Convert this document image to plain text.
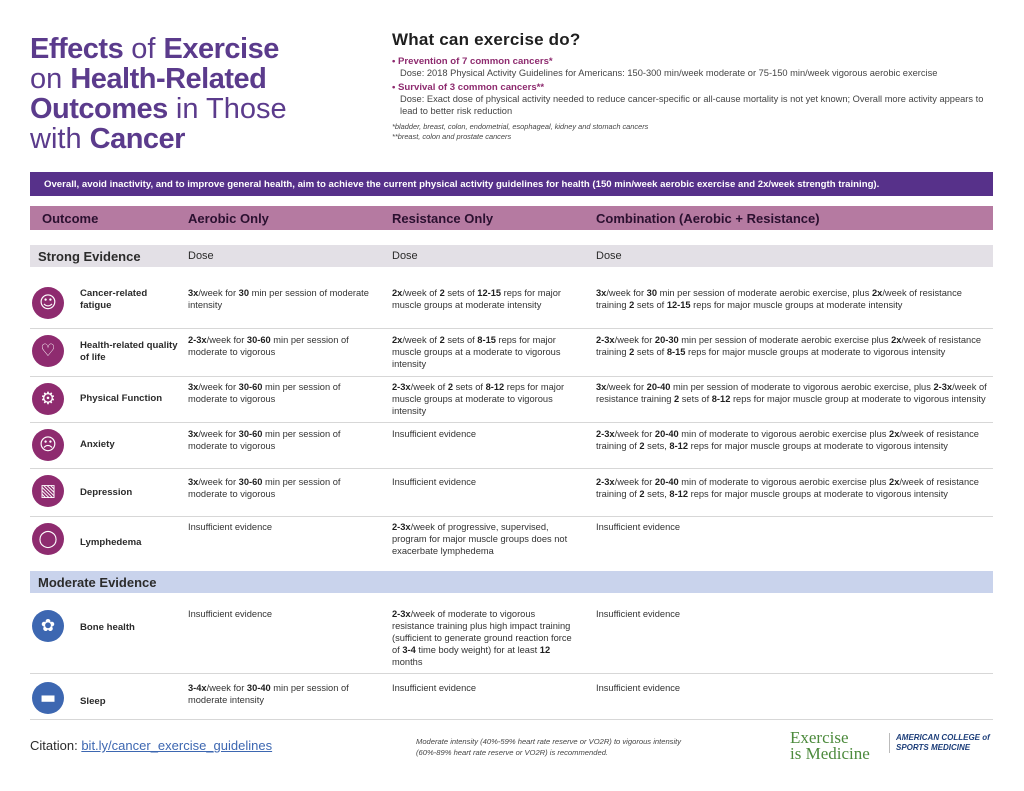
Effects of Exercise
on Health-Related
Outcomes in Those
with Cancer
What can exercise do?
• Prevention of 7 common cancers*
Dose: 2018 Physical Activity Guidelines for Americans: 150-300 min/week moderate or 75-150 min/week vigorous aerobic exercise
• Survival of 3 common cancers**
Dose: Exact dose of physical activity needed to reduce cancer-specific or all-cause mortality is not yet known; Overall more activity appears to lead to better risk reduction
*bladder, breast, colon, endometrial, esophageal, kidney and stomach cancers
**breast, colon and prostate cancers
Overall, avoid inactivity, and to improve general health, aim to achieve the current physical activity guidelines for health (150 min/week aerobic exercise and 2x/week strength training).
Outcome	Aerobic Only	Resistance Only	Combination (Aerobic + Resistance)
Strong Evidence	Dose	Dose	Dose
☺	Cancer-related fatigue
3x/week for 30 min per session of moderate intensity
2x/week of 2 sets of 12-15 reps for major muscle groups at moderate intensity
3x/week for 30 min per session of moderate aerobic exercise, plus 2x/week of resistance training 2 sets of 12-15 reps for major muscle groups at moderate intensity
♡	Health-related quality of life
2-3x/week for 30-60 min per session of moderate to vigorous
2x/week of 2 sets of 8-15 reps for major muscle groups at a moderate to vigorous intensity
2-3x/week for 20-30 min per session of moderate aerobic exercise plus 2x/week of resistance training 2 sets of 8-15 reps for major muscle groups at moderate to vigorous intensity
⚙	Physical Function
3x/week for 30-60 min per session of moderate to vigorous
2-3x/week of 2 sets of 8-12 reps for major muscle groups at moderate to vigorous intensity
3x/week for 20-40 min per session of moderate to vigorous aerobic exercise, plus 2-3x/week of resistance training 2 sets of 8-12 reps for major muscle group at moderate to vigorous intensity
☹	Anxiety
3x/week for 30-60 min per session of moderate to vigorous
Insufficient evidence	2-3x/week for 20-40 min of moderate to vigorous aerobic exercise plus 2x/week of resistance training of 2 sets, 8-12 reps for major muscle groups at moderate to vigorous intensity
▧	Depression
3x/week for 30-60 min per session of moderate to vigorous
Insufficient evidence	2-3x/week for 20-40 min of moderate to vigorous aerobic exercise plus 2x/week of resistance training of 2 sets, 8-12 reps for major muscle groups at moderate to vigorous intensity
◯	Lymphedema
Insufficient evidence	2-3x/week of progressive, supervised, program for major muscle groups does not exacerbate lymphedema
Insufficient evidence
Moderate Evidence
✿	Bone health
Insufficient evidence	2-3x/week of moderate to vigorous resistance training plus high impact training (sufficient to generate ground reaction force of 3-4 time body weight) for at least 12 months
Insufficient evidence
▬	Sleep
3-4x/week for 30-40 min per session of moderate intensity
Insufficient evidence	Insufficient evidence
Citation: bit.ly/cancer_exercise_guidelines	Moderate intensity (40%-59% heart rate reserve or VO2R) to vigorous intensity (60%-89% heart rate reserve or VO2R) is recommended.
Exercise
is Medicine
AMERICAN COLLEGE of SPORTS MEDICINE
